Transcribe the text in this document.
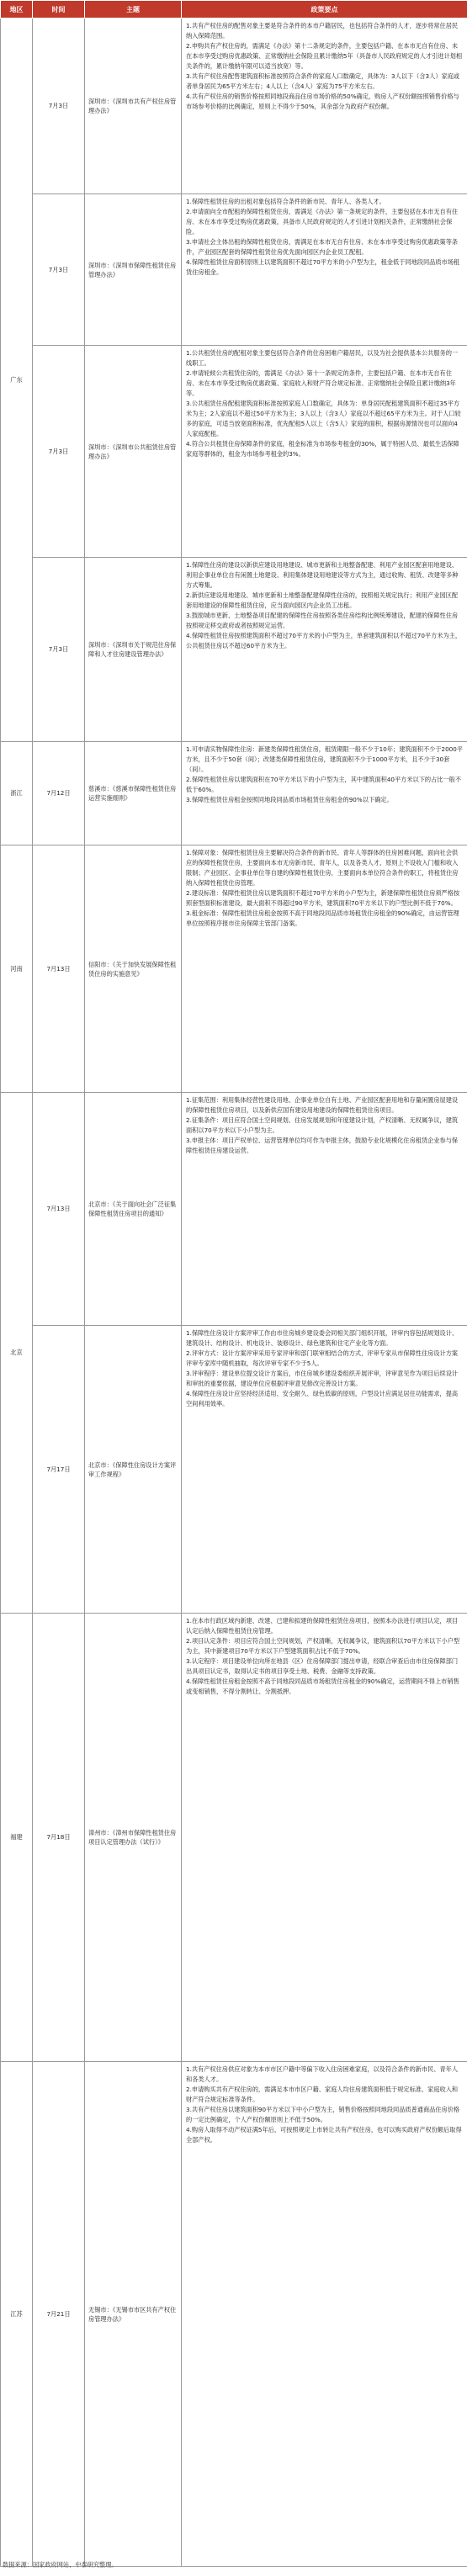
地区	时间	主题	政策要点
广东	7月3日	深圳市：《深圳市共有产权住房管理办法》	1.共有产权住房的配售对象主要是符合条件的本市户籍居民，也包括符合条件的人才，逐步将常住居民纳入保障范围。

2.申购共有产权住房的，需满足《办法》第十二条规定的条件，主要包括户籍、在本市无自有住房、未在本市享受过购房优惠政策、正常缴纳社会保险且累计缴纳5年（具备市人民政府规定的人才引进计划相关条件的，累计缴纳年限可以适当放宽）等。

3.共有产权住房配售建筑面积标准按照符合条件的家庭人口数确定，具体为：3人以下（含3人）家庭或者单身居民为65平方米左右；4人以上（含4人）家庭为75平方米左右。

4.共有产权住房的销售价格按照同地段商品住房市场价格的50%确定，购房人产权份额按照销售价格与市场参考价格的比例确定，原则上不得少于50%，其余部分为政府产权份额。

	7月3日	深圳市：《深圳市保障性租赁住房管理办法》	1.保障性租赁住房的出租对象包括符合条件的新市民、青年人、各类人才。

2.申请面向全市配租的保障性租赁住房，需满足《办法》第一条规定的条件，主要包括在本市无自有住房、未在本市享受过购房优惠政策，具备市人民政府规定的人才引进计划相关条件，正常缴纳社会保险。

3.申请社会主体出租的保障性租赁住房，需满足在本市无自有住房、未在本市享受过购房优惠政策等条件，产业园区配套的保障性租赁住房优先面向园区内企业员工配租。

4.保障性租赁住房面积原则上以建筑面积不超过70平方米的小户型为主，租金低于同地段同品质市场租赁住房租金。

	7月3日	深圳市：《深圳市公共租赁住房管理办法》	1.公共租赁住房的配租对象主要包括符合条件的住房困难户籍居民，以及为社会提供基本公共服务的一线职工。

2.申请轮候公共租赁住房的，需满足《办法》第十一条规定的条件，主要包括户籍、在本市无自有住房、未在本市享受过购房优惠政策、家庭收入和财产符合规定标准、正常缴纳社会保险且累计缴纳3年等。

3.公共租赁住房配租建筑面积标准按照家庭人口数确定，具体为：单身居民配租建筑面积不超过35平方米为主；2人家庭以不超过50平方米为主；3人以上（含3人）家庭以不超过65平方米为主。对于人口较多的家庭，可适当放宽面积标准，优先配租5人以上（含5人）家庭的面积，根据房源情况也可以面向4人家庭配租。

4.符合公共租赁住房保障条件的家庭，租金标准为市场参考租金的30%，属于特困人员、最低生活保障家庭等群体的，租金为市场参考租金的3%。

	7月3日	深圳市：《深圳市关于规范住房保障和人才住房建设管理办法》	1.保障性住房的建设以新供应建设用地建设、城市更新和土地整备配建、利用产业园区配套用地建设、利用企事业单位自有闲置土地建设、利用集体建设用地建设等方式为主，通过收购、租赁、改建等多种方式筹集。

2.新供应建设用地建设、城市更新和土地整备配建保障性住房的，按照相关规定执行；利用产业园区配套用地建设的保障性租赁住房，应当面向园区内企业员工出租。

3.鼓励城市更新、土地整备项目配建的保障性住房按照各类住房结构比例统筹建设，配建的保障性住房按照规定移交政府或者按照规定运营。

4.保障性租赁住房按照建筑面积不超过70平方米的小户型为主，单套建筑面积以不超过70平方米为主，公共租赁住房以不超过60平方米为主。

浙江	7月12日	慈溪市：《慈溪市保障性租赁住房运营实施细则》	1.可申请实物保障性住房：新建类保障性租赁住房，租赁期限一般不少于10年；建筑面积不少于2000平方米，且不少于50套（间）；改建类保障性租赁住房，建筑面积不少于1000平方米，且不少于30套（间）。

2.保障性租赁住房以建筑面积在70平方米以下的小户型为主，其中建筑面积40平方米以下的占比一般不低于60%。

3.保障性租赁住房租金按照同地段同品质市场租赁住房租金的90%以下确定。

河南	7月13日	信阳市：《关于加快发展保障性租赁住房的实施意见》	1.保障对象：保障性租赁住房主要解决符合条件的新市民、青年人等群体的住房困难问题，面向社会供应的保障性租赁住房，主要面向本市无房新市民、青年人，以及各类人才，原则上不设收入门槛和收入限制；产业园区、企事业单位等自建的保障性租赁住房，主要面向本单位符合条件的职工，将租赁住房纳入保障性租赁住房管理。

2.建设标准：保障性租赁住房以建筑面积不超过70平方米的小户型为主，新建保障性租赁住房须严格按照套型面积标准建设，最大面积不得超过90平方米，建筑面积70平方米以下的户型比例不低于70%。

3.租金标准：保障性租赁住房租金按照不高于同地段同品质市场租赁住房租金的90%确定，由运营管理单位按照程序报市住房保障主管部门备案。

北京	7月13日	北京市：《关于面向社会广泛征集保障性租赁住房项目的通知》	1.征集范围：利用集体经营性建设用地、企事业单位自有土地、产业园区配套用地和存量闲置房屋建设的保障性租赁住房项目，以及新供应国有建设用地建设的保障性租赁住房项目。

2.征集条件：项目应符合国土空间规划、住房发展规划和年度建设计划，产权清晰、无权属争议，建筑面积以70平方米以下小户型为主。

3.申报主体：项目产权单位、运营管理单位均可作为申报主体，鼓励专业化规模化住房租赁企业参与保障性租赁住房建设运营。

	7月17日	北京市：《保障性住房设计方案评审工作规程》	1.保障性住房设计方案评审工作由市住房城乡建设委会同相关部门组织开展，评审内容包括规划设计、建筑设计、结构设计、机电设计、装修设计、绿色建筑和住宅产业化等方面。

2.评审方式：设计方案评审采用专家评审和部门联审相结合的方式，评审专家从市保障性住房设计方案评审专家库中随机抽取，每次评审专家不少于5人。

3.评审程序：建设单位提交设计方案后，市住房城乡建设委组织开展评审，评审意见作为项目后续设计和审批的重要依据，建设单位应根据评审意见修改完善设计方案。

4.保障性住房设计应坚持经济适用、安全耐久、绿色低碳的原则，户型设计应满足居住功能需求，提高空间利用效率。

福建	7月18日	漳州市：《漳州市保障性租赁住房项目认定管理办法（试行）》	1.在本市行政区域内新建、改建、已建和拟建的保障性租赁住房项目，按照本办法进行项目认定，项目认定后纳入保障性租赁住房管理。

2.项目认定条件：项目应符合国土空间规划，产权清晰，无权属争议，建筑面积以70平方米以下小户型为主，其中新建项目70平方米以下户型建筑面积占比不低于70%。

3.认定程序：项目建设单位向所在地县（区）住房保障部门提出申请，经联合审查后由市住房保障部门出具项目认定书，取得认定书的项目享受土地、税费、金融等支持政策。

4.保障性租赁住房租金按照不高于同地段同品质市场租赁住房租金的90%确定，运营期间不得上市销售或变相销售，不得分割转让、分割抵押。

江苏	7月21日	无锡市：《无锡市市区共有产权住房管理办法》	1.共有产权住房供应对象为本市市区户籍中等偏下收入住房困难家庭，以及符合条件的新市民、青年人和各类人才。

2.申请购买共有产权住房的，需满足本市市区户籍、家庭人均住房建筑面积低于规定标准、家庭收入和财产符合规定标准等条件。

3.共有产权住房以建筑面积90平方米以下中小户型为主，销售价格按照同地段同品质普通商品住房价格的一定比例确定，个人产权份额原则上不低于50%。

4.购房人取得不动产权证满5年后，可按照规定上市转让共有产权住房，也可以购买政府产权份额后取得全部产权。

数据来源：国家政府网站，中泰研究整理。
